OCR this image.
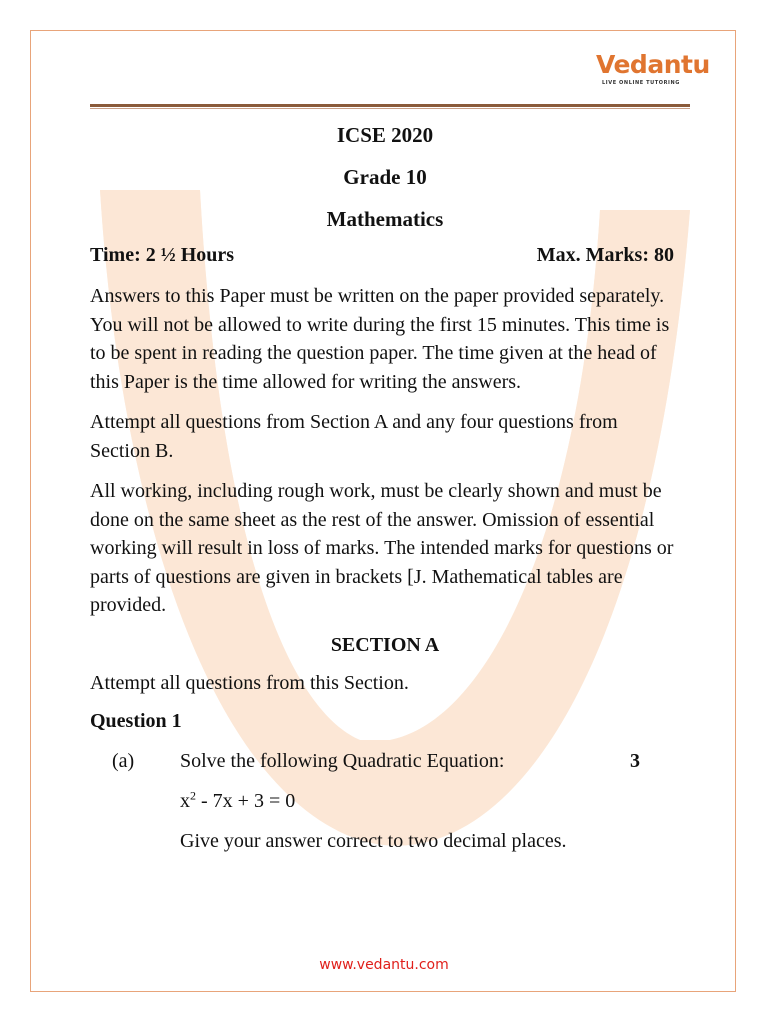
Vedantu
LIVE ONLINE TUTORING
ICSE 2020
Grade 10
Mathematics
Time: 2 ½ Hours	Max. Marks: 80

Answers to this Paper must be written on the paper provided separately. You will not be allowed to write during the first 15 minutes. This time is to be spent in reading the question paper. The time given at the head of this Paper is the time allowed for writing the answers.

Attempt all questions from Section A and any four questions from Section B.

All working, including rough work, must be clearly shown and must be done on the same sheet as the rest of the answer. Omission of essential working will result in loss of marks. The intended marks for questions or parts of questions are given in brackets [J. Mathematical tables are provided.

SECTION A
Attempt all questions from this Section.
Question 1
(a) Solve the following Quadratic Equation:	3
$x^2 - 7x + 3 = 0$
Give your answer correct to two decimal places.
www.vedantu.com
